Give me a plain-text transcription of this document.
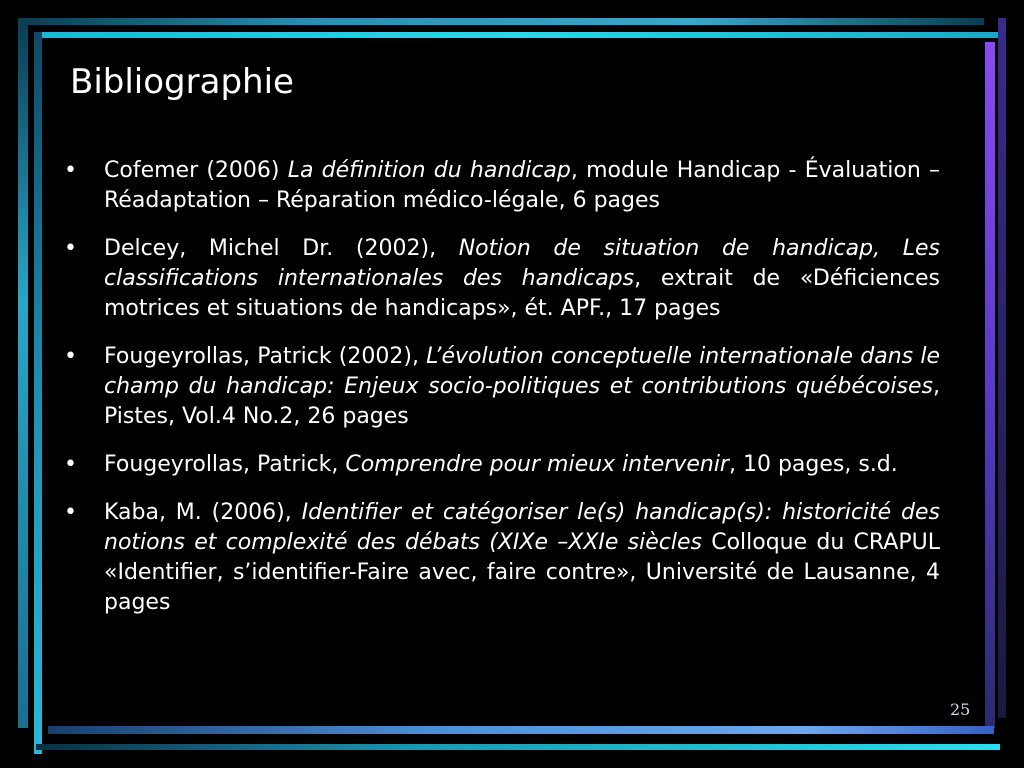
Bibliographie
• Cofemer (2006) La définition du handicap, module Handicap - Évaluation – Réadaptation – Réparation médico-légale, 6 pages
• Delcey, Michel Dr. (2002), Notion de situation de handicap, Les classifications internationales des handicaps, extrait de «Déficiences motrices et situations de handicaps», ét. APF., 17 pages
• Fougeyrollas, Patrick (2002), L’évolution conceptuelle internationale dans le champ du handicap: Enjeux socio-politiques et contributions québécoises, Pistes, Vol.4 No.2, 26 pages
• Fougeyrollas, Patrick, Comprendre pour mieux intervenir, 10 pages, s.d.
• Kaba, M. (2006), Identifier et catégoriser le(s) handicap(s): historicité des notions et complexité des débats (XIXe –XXIe siècles Colloque du CRAPUL «Identifier, s’identifier-Faire avec, faire contre», Université de Lausanne, 4 pages
25
